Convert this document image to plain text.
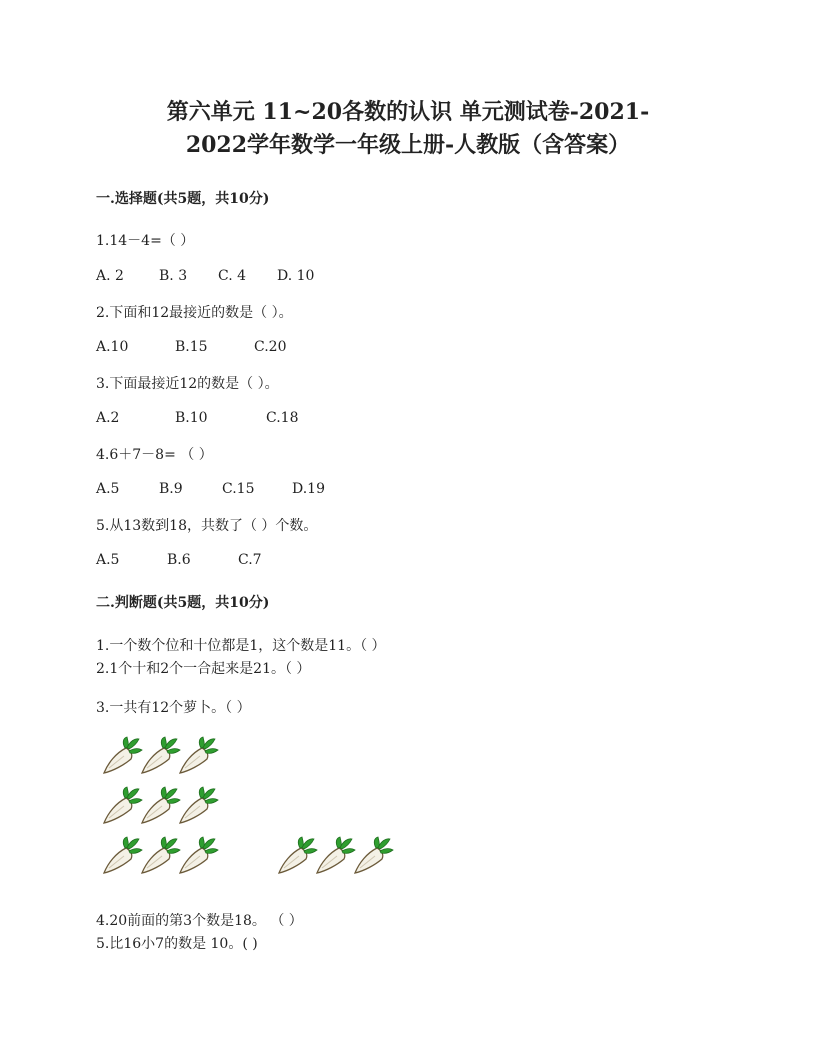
第六单元 11~20各数的认识 单元测试卷-2021-
2022学年数学一年级上册-人教版（含答案）
一.选择题(共5题，共10分)
1.14－4=（ ）
A. 2	B. 3 C. 4 D. 10
2.下面和12最接近的数是（ ）。
A.10	B.15	C.20
3.下面最接近12的数是（ ）。
A.2	B.10	C.18
4.6＋7－8= （ ）
A.5	B.9	C.15	D.19
5.从13数到18，共数了（ ）个数。
A.5	B.6	C.7
二.判断题(共5题，共10分)
1.一个数个位和十位都是1，这个数是11。（ ）
2.1个十和2个一合起来是21。（ ）
3.一共有12个萝卜。（ ）
4.20前面的第3个数是18。 （ ）
5.比16小7的数是 10。( )
